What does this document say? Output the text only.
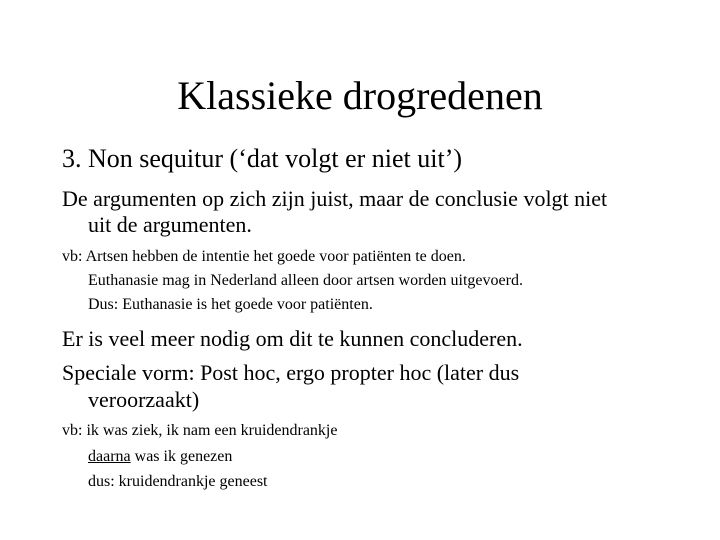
Klassieke drogredenen
3. Non sequitur (‘dat volgt er niet uit’)
De argumenten op zich zijn juist, maar de conclusie volgt niet
uit de argumenten.
vb: Artsen hebben de intentie het goede voor patiënten te doen.
Euthanasie mag in Nederland alleen door artsen worden uitgevoerd.
Dus: Euthanasie is het goede voor patiënten.
Er is veel meer nodig om dit te kunnen concluderen.
Speciale vorm: Post hoc, ergo propter hoc (later dus
veroorzaakt)
vb: ik was ziek, ik nam een kruidendrankje
daarna was ik genezen
dus: kruidendrankje geneest
